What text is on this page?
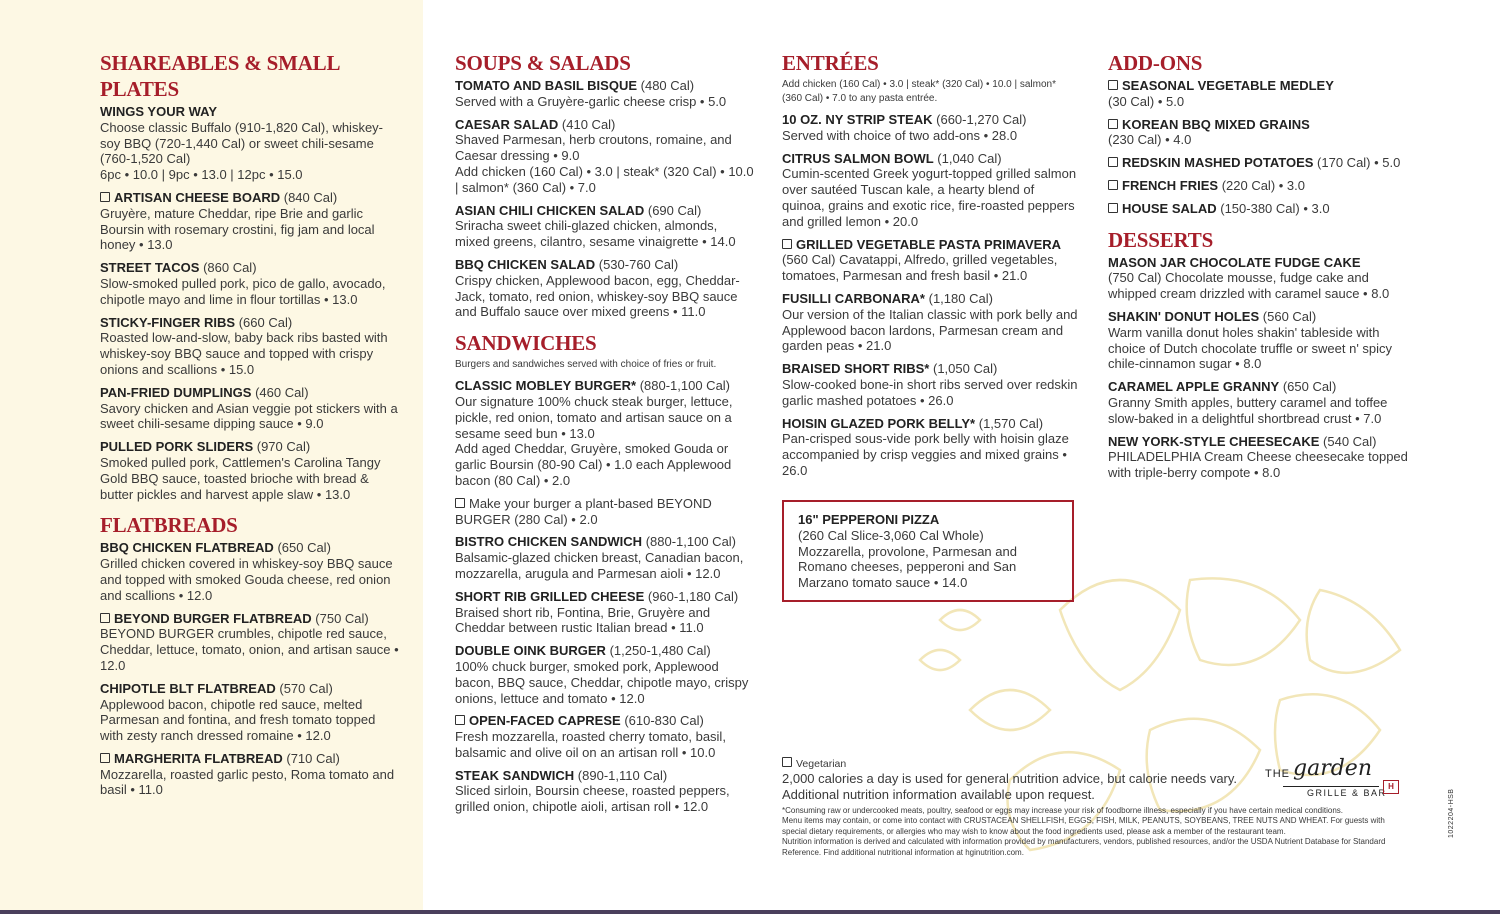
SHAREABLES & SMALL PLATES
WINGS YOUR WAY
Choose classic Buffalo (910-1,820 Cal), whiskey-soy BBQ (720-1,440 Cal) or sweet chili-sesame (760-1,520 Cal)
6pc • 10.0 | 9pc • 13.0 | 12pc • 15.0
ARTISAN CHEESE BOARD (840 Cal)
Gruyère, mature Cheddar, ripe Brie and garlic Boursin with rosemary crostini, fig jam and local honey • 13.0
STREET TACOS (860 Cal)
Slow-smoked pulled pork, pico de gallo, avocado, chipotle mayo and lime in flour tortillas • 13.0
STICKY-FINGER RIBS (660 Cal)
Roasted low-and-slow, baby back ribs basted with whiskey-soy BBQ sauce and topped with crispy onions and scallions • 15.0
PAN-FRIED DUMPLINGS (460 Cal)
Savory chicken and Asian veggie pot stickers with a sweet chili-sesame dipping sauce • 9.0
PULLED PORK SLIDERS (970 Cal)
Smoked pulled pork, Cattlemen's Carolina Tangy Gold BBQ sauce, toasted brioche with bread & butter pickles and harvest apple slaw • 13.0
FLATBREADS
BBQ CHICKEN FLATBREAD (650 Cal)
Grilled chicken covered in whiskey-soy BBQ sauce and topped with smoked Gouda cheese, red onion and scallions • 12.0
BEYOND BURGER FLATBREAD (750 Cal)
BEYOND BURGER crumbles, chipotle red sauce, Cheddar, lettuce, tomato, onion, and artisan sauce • 12.0
CHIPOTLE BLT FLATBREAD (570 Cal)
Applewood bacon, chipotle red sauce, melted Parmesan and fontina, and fresh tomato topped with zesty ranch dressed romaine • 12.0
MARGHERITA FLATBREAD (710 Cal)
Mozzarella, roasted garlic pesto, Roma tomato and basil • 11.0
SOUPS & SALADS
TOMATO AND BASIL BISQUE (480 Cal)
Served with a Gruyère-garlic cheese crisp • 5.0
CAESAR SALAD (410 Cal)
Shaved Parmesan, herb croutons, romaine, and Caesar dressing • 9.0
Add chicken (160 Cal) • 3.0 | steak* (320 Cal) • 10.0 | salmon* (360 Cal) • 7.0
ASIAN CHILI CHICKEN SALAD (690 Cal)
Sriracha sweet chili-glazed chicken, almonds, mixed greens, cilantro, sesame vinaigrette • 14.0
BBQ CHICKEN SALAD (530-760 Cal)
Crispy chicken, Applewood bacon, egg, Cheddar-Jack, tomato, red onion, whiskey-soy BBQ sauce and Buffalo sauce over mixed greens • 11.0
SANDWICHES
Burgers and sandwiches served with choice of fries or fruit.
CLASSIC MOBLEY BURGER* (880-1,100 Cal)
Our signature 100% chuck steak burger, lettuce, pickle, red onion, tomato and artisan sauce on a sesame seed bun • 13.0
Add aged Cheddar, Gruyère, smoked Gouda or garlic Boursin (80-90 Cal) • 1.0 each Applewood bacon (80 Cal) • 2.0
Make your burger a plant-based BEYOND BURGER (280 Cal) • 2.0
BISTRO CHICKEN SANDWICH (880-1,100 Cal)
Balsamic-glazed chicken breast, Canadian bacon, mozzarella, arugula and Parmesan aioli • 12.0
SHORT RIB GRILLED CHEESE (960-1,180 Cal)
Braised short rib, Fontina, Brie, Gruyère and Cheddar between rustic Italian bread • 11.0
DOUBLE OINK BURGER (1,250-1,480 Cal)
100% chuck burger, smoked pork, Applewood bacon, BBQ sauce, Cheddar, chipotle mayo, crispy onions, lettuce and tomato • 12.0
OPEN-FACED CAPRESE (610-830 Cal)
Fresh mozzarella, roasted cherry tomato, basil, balsamic and olive oil on an artisan roll • 10.0
STEAK SANDWICH (890-1,110 Cal)
Sliced sirloin, Boursin cheese, roasted peppers, grilled onion, chipotle aioli, artisan roll • 12.0
ENTRÉES
Add chicken (160 Cal) • 3.0 | steak* (320 Cal) • 10.0 | salmon* (360 Cal) • 7.0 to any pasta entrée.
10 OZ. NY STRIP STEAK (660-1,270 Cal)
Served with choice of two add-ons • 28.0
CITRUS SALMON BOWL (1,040 Cal)
Cumin-scented Greek yogurt-topped grilled salmon over sautéed Tuscan kale, a hearty blend of quinoa, grains and exotic rice, fire-roasted peppers and grilled lemon • 20.0
GRILLED VEGETABLE PASTA PRIMAVERA
(560 Cal) Cavatappi, Alfredo, grilled vegetables, tomatoes, Parmesan and fresh basil • 21.0
FUSILLI CARBONARA* (1,180 Cal)
Our version of the Italian classic with pork belly and Applewood bacon lardons, Parmesan cream and garden peas • 21.0
BRAISED SHORT RIBS* (1,050 Cal)
Slow-cooked bone-in short ribs served over redskin garlic mashed potatoes • 26.0
HOISIN GLAZED PORK BELLY* (1,570 Cal)
Pan-crisped sous-vide pork belly with hoisin glaze accompanied by crisp veggies and mixed grains • 26.0
ADD-ONS
SEASONAL VEGETABLE MEDLEY
(30 Cal) • 5.0
KOREAN BBQ MIXED GRAINS
(230 Cal) • 4.0
REDSKIN MASHED POTATOES (170 Cal) • 5.0
FRENCH FRIES (220 Cal) • 3.0
HOUSE SALAD (150-380 Cal) • 3.0
DESSERTS
MASON JAR CHOCOLATE FUDGE CAKE
(750 Cal) Chocolate mousse, fudge cake and whipped cream drizzled with caramel sauce • 8.0
SHAKIN' DONUT HOLES (560 Cal)
Warm vanilla donut holes shakin' tableside with choice of Dutch chocolate truffle or sweet n' spicy chile-cinnamon sugar • 8.0
CARAMEL APPLE GRANNY (650 Cal)
Granny Smith apples, buttery caramel and toffee slow-baked in a delightful shortbread crust • 7.0
NEW YORK-STYLE CHEESECAKE (540 Cal)
PHILADELPHIA Cream Cheese cheesecake topped with triple-berry compote • 8.0
16" PEPPERONI PIZZA
(260 Cal Slice-3,060 Cal Whole)
Mozzarella, provolone, Parmesan and Romano cheeses, pepperoni and San Marzano tomato sauce • 14.0
Vegetarian
2,000 calories a day is used for general nutrition advice, but calorie needs vary. Additional nutrition information available upon request.
*Consuming raw or undercooked meats, poultry, seafood or eggs may increase your risk of foodborne illness, especially if you have certain medical conditions.
Menu items may contain, or come into contact with CRUSTACEAN SHELLFISH, EGGS, FISH, MILK, PEANUTS, SOYBEANS, TREE NUTS AND WHEAT. For guests with special dietary requirements, or allergies who may wish to know about the food ingredients used, please ask a member of the restaurant team.
Nutrition information is derived and calculated with information provided by manufacturers, vendors, published resources, and/or the USDA Nutrient Database for Standard Reference. Find additional nutritional information at hginutrition.com.
THE garden
GRILLE & BAR
H
1022204-HSB
